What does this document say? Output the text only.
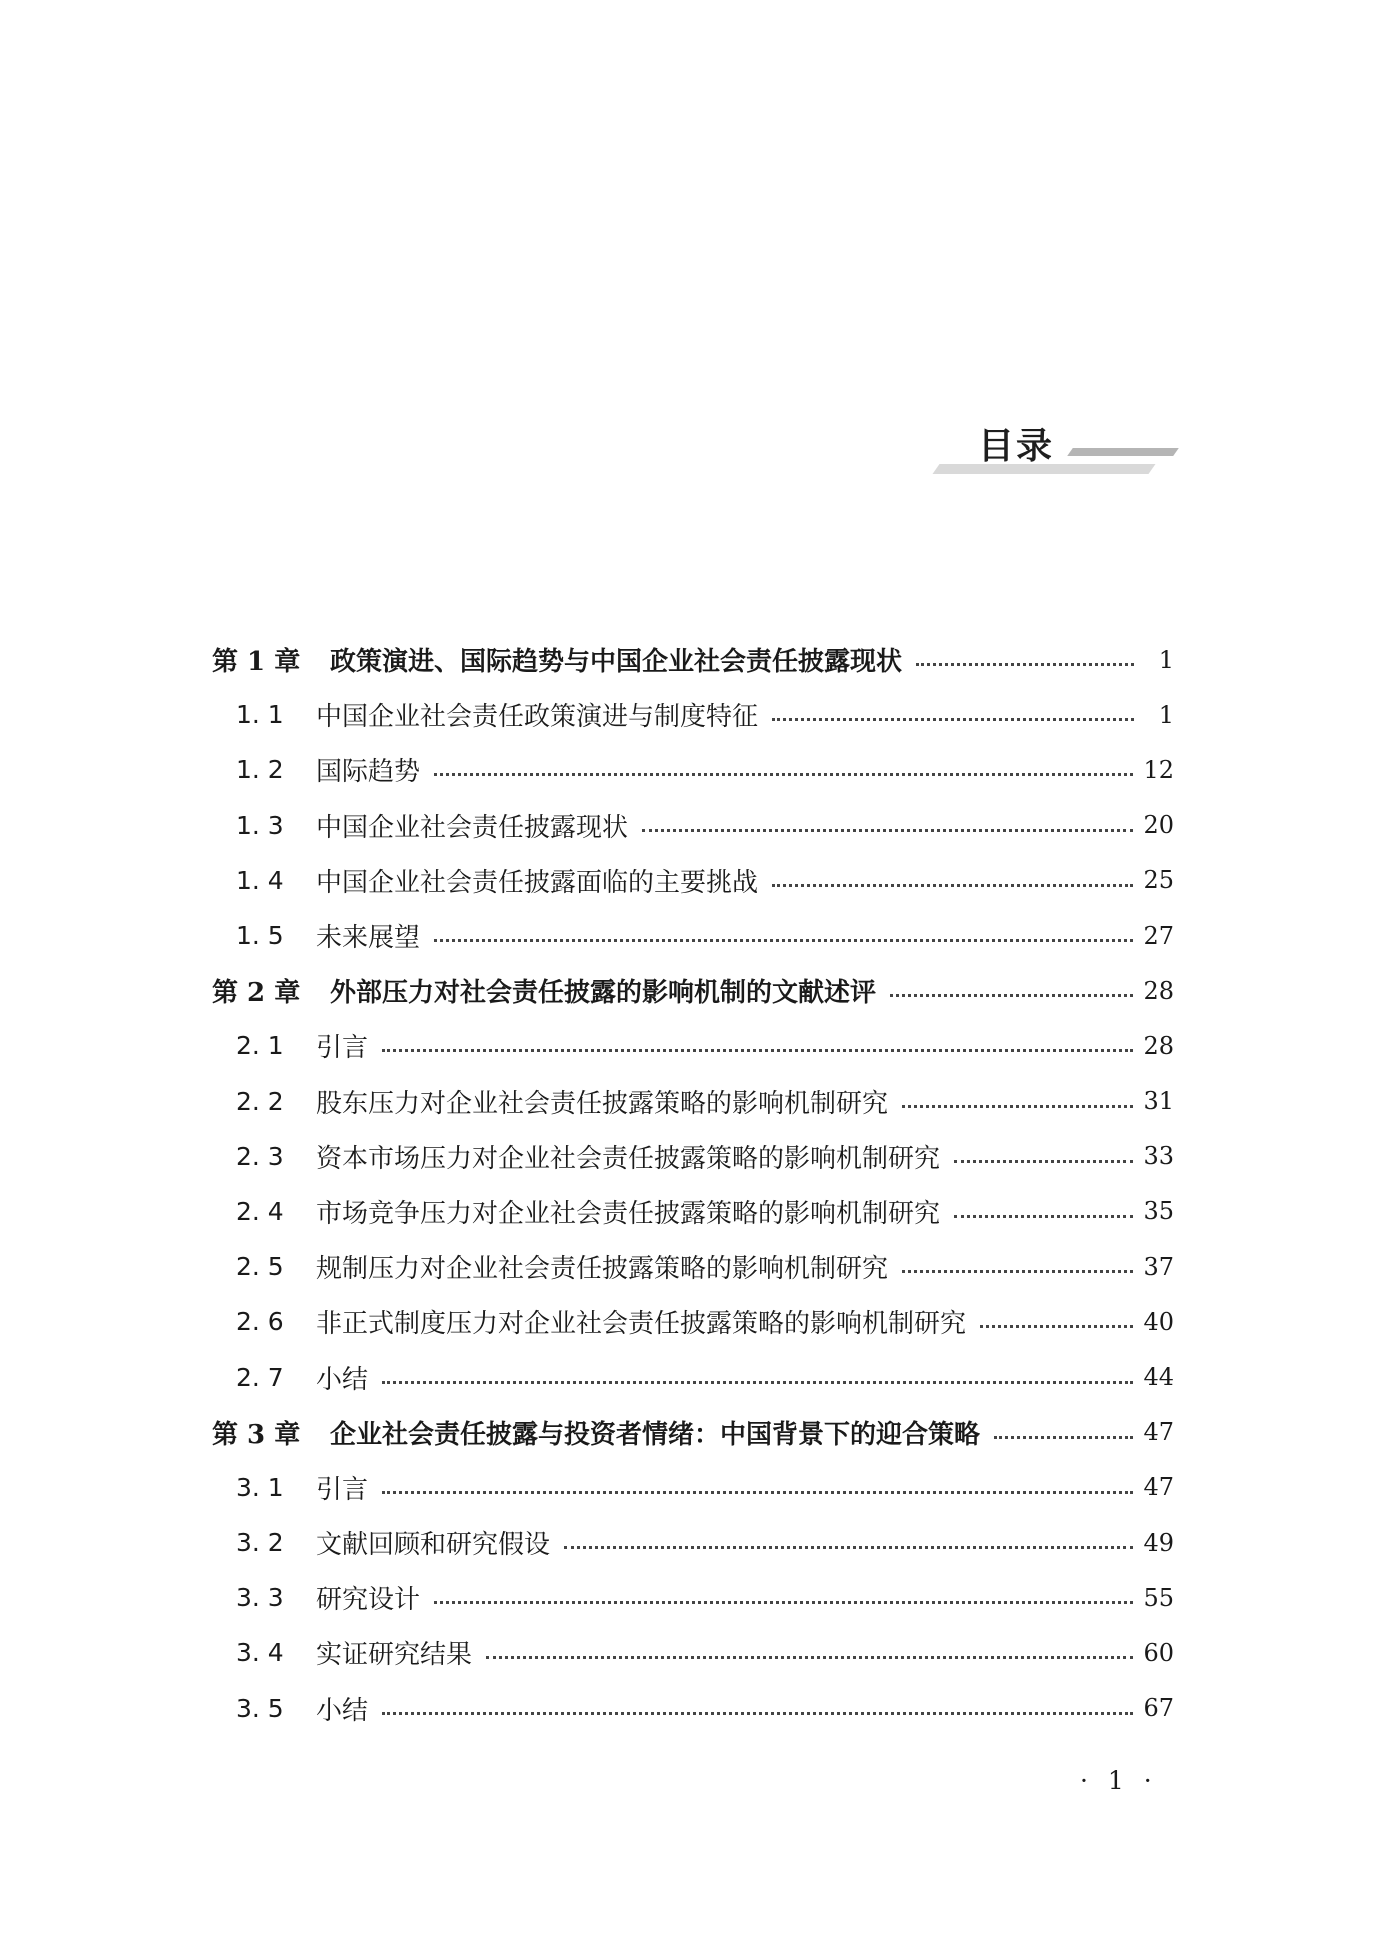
目录
第 1 章	政策演进、国际趋势与中国企业社会责任披露现状	1
1. 1	中国企业社会责任政策演进与制度特征	1
1. 2	国际趋势	12
1. 3	中国企业社会责任披露现状	20
1. 4	中国企业社会责任披露面临的主要挑战	25
1. 5	未来展望	27
第 2 章	外部压力对社会责任披露的影响机制的文献述评	28
2. 1	引言	28
2. 2	股东压力对企业社会责任披露策略的影响机制研究	31
2. 3	资本市场压力对企业社会责任披露策略的影响机制研究	33
2. 4	市场竞争压力对企业社会责任披露策略的影响机制研究	35
2. 5	规制压力对企业社会责任披露策略的影响机制研究	37
2. 6	非正式制度压力对企业社会责任披露策略的影响机制研究	40
2. 7	小结	44
第 3 章	企业社会责任披露与投资者情绪：中国背景下的迎合策略	47
3. 1	引言	47
3. 2	文献回顾和研究假设	49
3. 3	研究设计	55
3. 4	实证研究结果	60
3. 5	小结	67
· 1 ·
